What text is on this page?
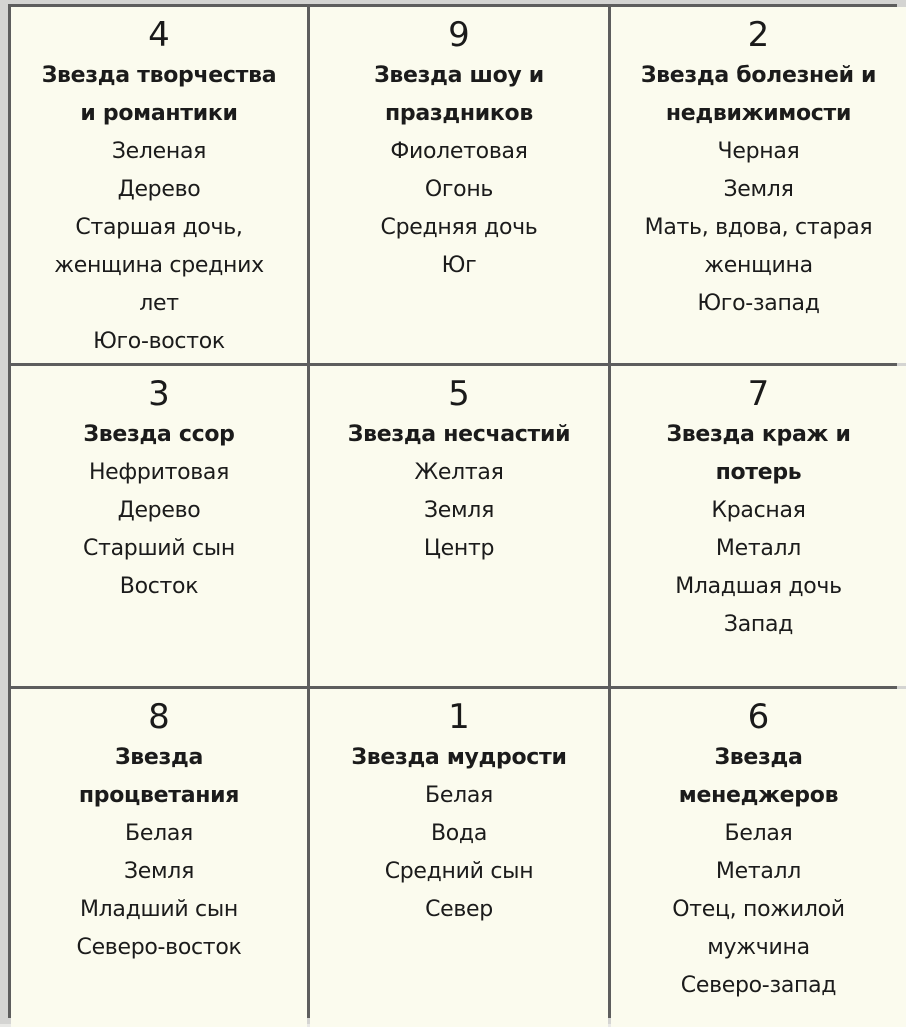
4
Звезда творчества
и романтики
Зеленая
Дерево
Старшая дочь,
женщина средних
лет
Юго-восток
9
Звезда шоу и
праздников
Фиолетовая
Огонь
Средняя дочь
Юг
2
Звезда болезней и
недвижимости
Черная
Земля
Мать, вдова, старая
женщина
Юго-запад
3
Звезда ссор
Нефритовая
Дерево
Старший сын
Восток
5
Звезда несчастий
Желтая
Земля
Центр
7
Звезда краж и
потерь
Красная
Металл
Младшая дочь
Запад
8
Звезда
процветания
Белая
Земля
Младший сын
Северо-восток
1
Звезда мудрости
Белая
Вода
Средний сын
Север
6
Звезда
менеджеров
Белая
Металл
Отец, пожилой
мужчина
Северо-запад
